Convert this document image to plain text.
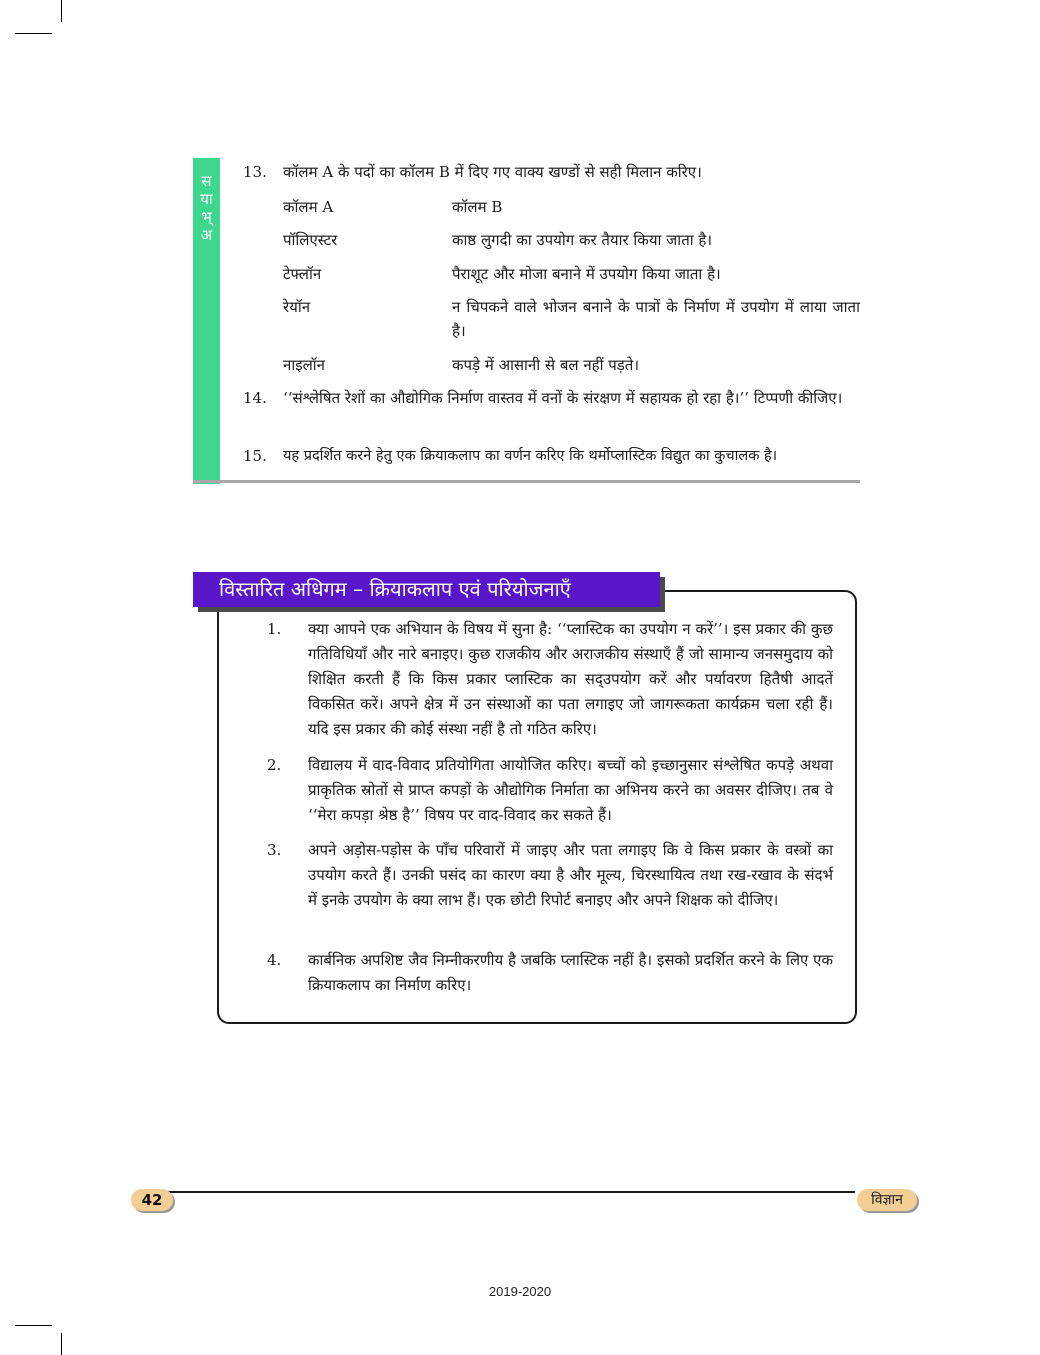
स
या
भ्
अ
13.	कॉलम A के पदों का कॉलम B में दिए गए वाक्य खण्डों से सही मिलान करिए।
कॉलम A	कॉलम B
पॉलिएस्टर	काष्ठ लुगदी का उपयोग कर तैयार किया जाता है।
टेफ्लॉन	पैराशूट और मोजा बनाने में उपयोग किया जाता है।
रेयॉन	न चिपकने वाले भोजन बनाने के पात्रों के निर्माण में उपयोग में लाया जाता है।
नाइलॉन	कपड़े में आसानी से बल नहीं पड़ते।
14.	‘‘संश्लेषित रेशों का औद्योगिक निर्माण वास्तव में वनों के संरक्षण में सहायक हो रहा है।’’ टिप्पणी कीजिए।
15.	यह प्रदर्शित करने हेतु एक क्रियाकलाप का वर्णन करिए कि थर्मोप्लास्टिक विद्युत का कुचालक है।
विस्तारित अधिगम – क्रियाकलाप एवं परियोजनाएँ
1.	क्या आपने एक अभियान के विषय में सुना है: ‘‘प्लास्टिक का उपयोग न करें’’। इस प्रकार की कुछ गतिविधियाँ और नारे बनाइए। कुछ राजकीय और अराजकीय संस्थाएँ हैं जो सामान्य जनसमुदाय को शिक्षित करती हैं कि किस प्रकार प्लास्टिक का सद्उपयोग करें और पर्यावरण हितैषी आदतें विकसित करें। अपने क्षेत्र में उन संस्थाओं का पता लगाइए जो जागरूकता कार्यक्रम चला रही हैं। यदि इस प्रकार की कोई संस्था नहीं है तो गठित करिए।
2.	विद्यालय में वाद-विवाद प्रतियोगिता आयोजित करिए। बच्चों को इच्छानुसार संश्लेषित कपड़े अथवा प्राकृतिक स्रोतों से प्राप्त कपड़ों के औद्योगिक निर्माता का अभिनय करने का अवसर दीजिए। तब वे ‘‘मेरा कपड़ा श्रेष्ठ है’’ विषय पर वाद-विवाद कर सकते हैं।
3.	अपने अड़ोस-पड़ोस के पाँच परिवारों में जाइए और पता लगाइए कि वे किस प्रकार के वस्त्रों का उपयोग करते हैं। उनकी पसंद का कारण क्या है और मूल्य, चिरस्थायित्व तथा रख-रखाव के संदर्भ में इनके उपयोग के क्या लाभ हैं। एक छोटी रिपोर्ट बनाइए और अपने शिक्षक को दीजिए।
4.	कार्बनिक अपशिष्ट जैव निम्नीकरणीय है जबकि प्लास्टिक नहीं है। इसको प्रदर्शित करने के लिए एक क्रियाकलाप का निर्माण करिए।
42	विज्ञान
2019-2020
